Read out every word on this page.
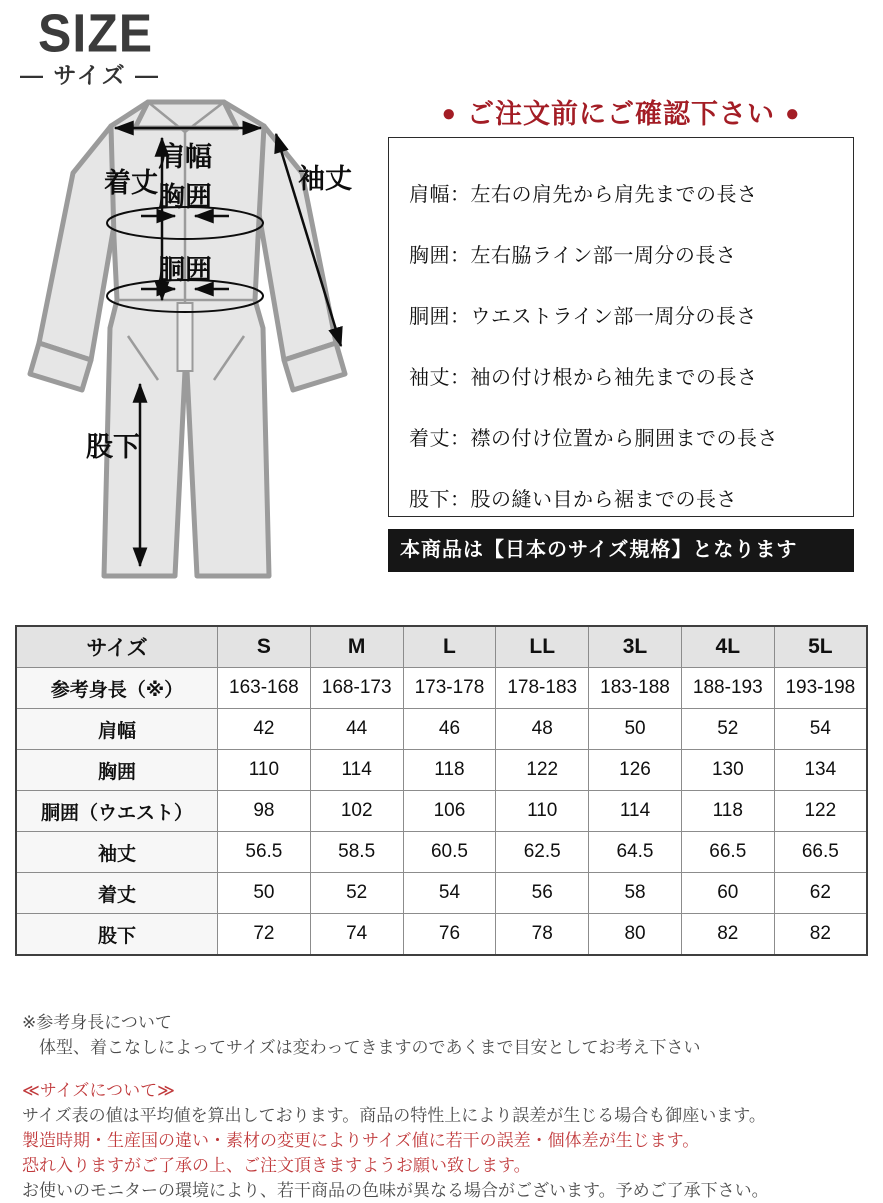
SIZE
— サイズ —
肩幅
着丈	袖丈
胸囲
胴囲
股下
● ご注文前にご確認下さい ●
肩幅：左右の肩先から肩先までの長さ
胸囲：左右脇ライン部一周分の長さ
胴囲：ウエストライン部一周分の長さ
袖丈：袖の付け根から袖先までの長さ
着丈：襟の付け位置から胴囲までの長さ
股下：股の縫い目から裾までの長さ
本商品は【日本のサイズ規格】となります
サイズ	S	M	L	LL	3L	4L	5L
参考身長（※）	163-168	168-173	173-178	178-183	183-188	188-193	193-198
肩幅	42	44	46	48	50	52	54
胸囲	110	114	118	122	126	130	134
胴囲（ウエスト）	98	102	106	110	114	118	122
袖丈	56.5	58.5	60.5	62.5	64.5	66.5	66.5
着丈	50	52	54	56	58	60	62
股下	72	74	76	78	80	82	82
※参考身長について
　体型、着こなしによってサイズは変わってきますのであくまで目安としてお考え下さい
≪サイズについて≫
サイズ表の値は平均値を算出しております。商品の特性上により誤差が生じる場合も御座います。
製造時期・生産国の違い・素材の変更によりサイズ値に若干の誤差・個体差が生じます。
恐れ入りますがご了承の上、ご注文頂きますようお願い致します。
お使いのモニターの環境により、若干商品の色味が異なる場合がございます。予めご了承下さい。
